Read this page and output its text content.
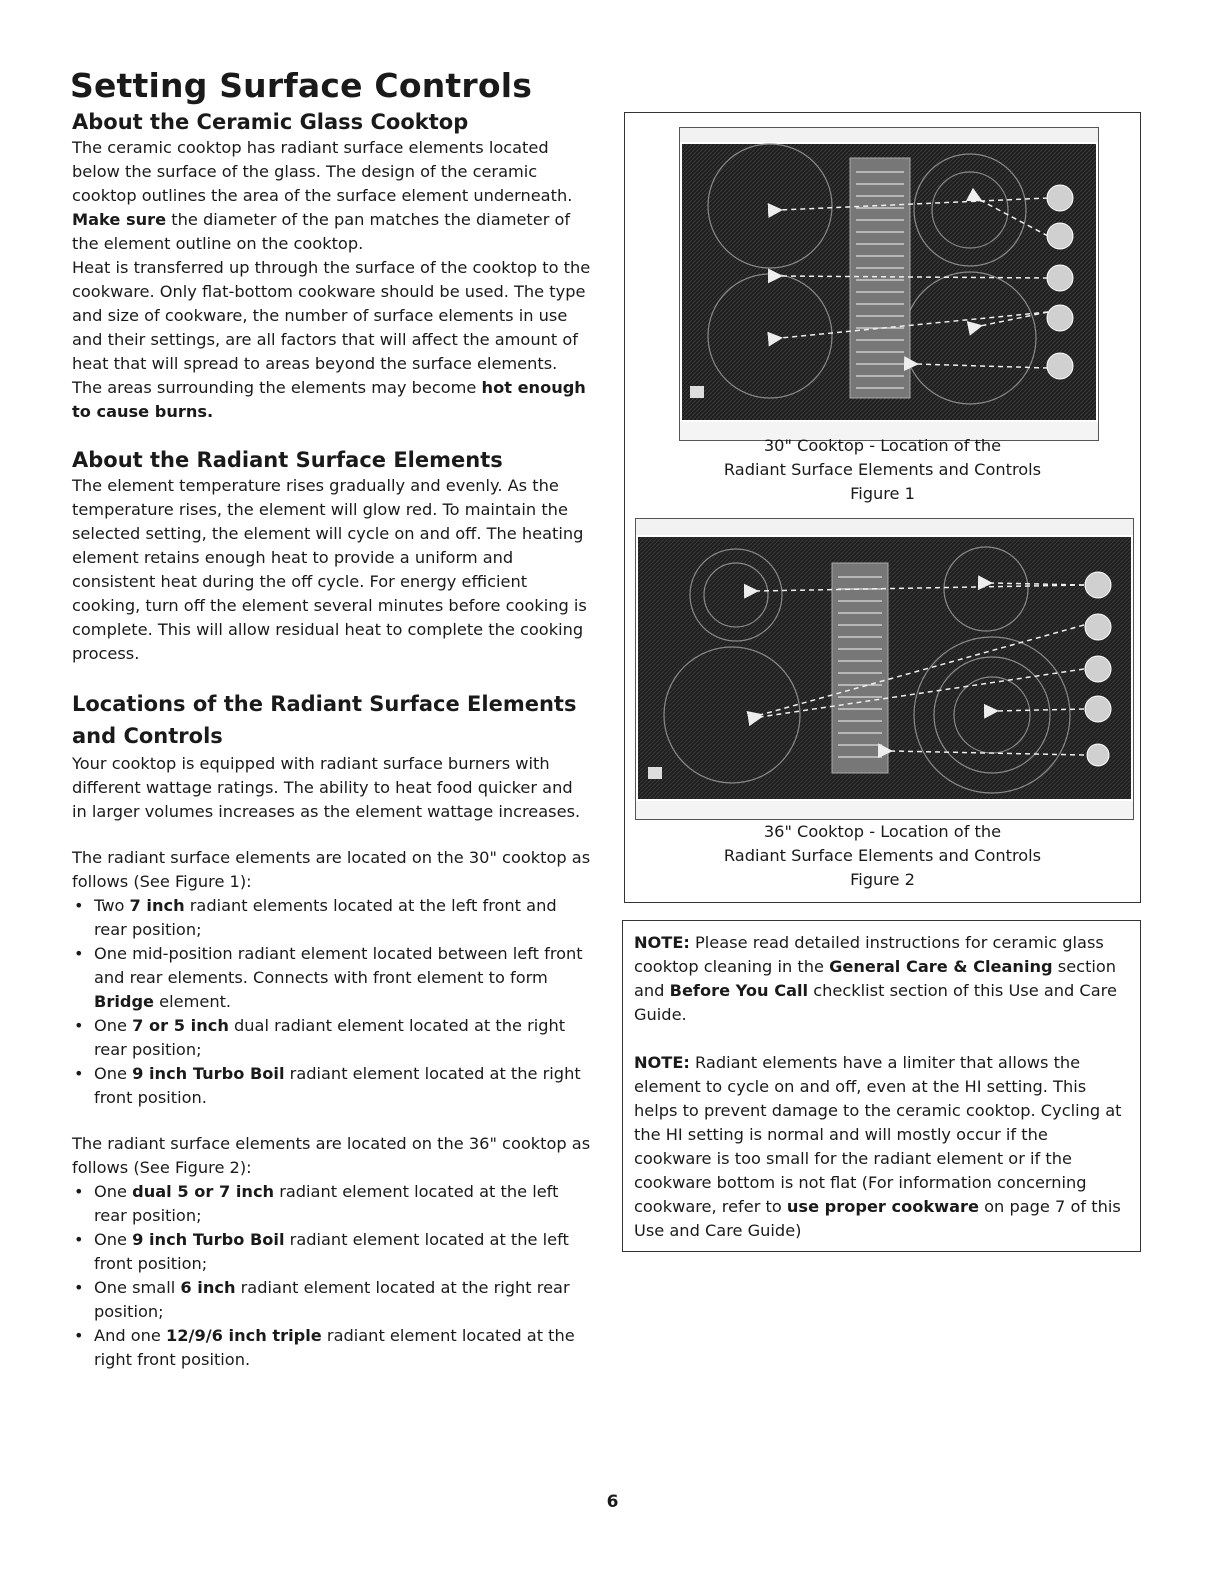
Setting Surface Controls
About the Ceramic Glass Cooktop

The ceramic cooktop has radiant surface elements located below the surface of the glass. The design of the ceramic cooktop outlines the area of the surface element underneath. Make sure the diameter of the pan matches the diameter of the element outline on the cooktop.

Heat is transferred up through the surface of the cooktop to the cookware. Only flat-bottom cookware should be used. The type and size of cookware, the number of surface elements in use and their settings, are all factors that will affect the amount of heat that will spread to areas beyond the surface elements. The areas surrounding the elements may become hot enough to cause burns.

About the Radiant Surface Elements

The element temperature rises gradually and evenly. As the temperature rises, the element will glow red. To maintain the selected setting, the element will cycle on and off. The heating element retains enough heat to provide a uniform and consistent heat during the off cycle. For energy efficient cooking, turn off the element several minutes before cooking is complete. This will allow residual heat to complete the cooking process.

Locations of the Radiant Surface Elements and Controls

Your cooktop is equipped with radiant surface burners with different wattage ratings. The ability to heat food quicker and in larger volumes increases as the element wattage increases.

The radiant surface elements are located on the 30" cooktop as follows (See Figure 1):

• Two 7 inch radiant elements located at the left front and rear position;
• One mid-position radiant element located between left front and rear elements. Connects with front element to form Bridge element.
• One 7 or 5 inch dual radiant element located at the right rear position;
• One 9 inch Turbo Boil radiant element located at the right front position.

The radiant surface elements are located on the 36" cooktop as follows (See Figure 2):

• One dual 5 or 7 inch radiant element located at the left rear position;
• One 9 inch Turbo Boil radiant element located at the left front position;
• One small 6 inch radiant element located at the right rear position;
• And one 12/9/6 inch triple radiant element located at the right front position.
30" Cooktop - Location of the
Radiant Surface Elements and Controls
Figure 1
36" Cooktop - Location of the
Radiant Surface Elements and Controls
Figure 2

NOTE: Please read detailed instructions for ceramic glass cooktop cleaning in the General Care & Cleaning section and Before You Call checklist section of this Use and Care Guide.

NOTE: Radiant elements have a limiter that allows the element to cycle on and off, even at the HI setting. This helps to prevent damage to the ceramic cooktop. Cycling at the HI setting is normal and will mostly occur if the cookware is too small for the radiant element or if the cookware bottom is not flat (For information concerning cookware, refer to use proper cookware on page 7 of this Use and Care Guide)

6
